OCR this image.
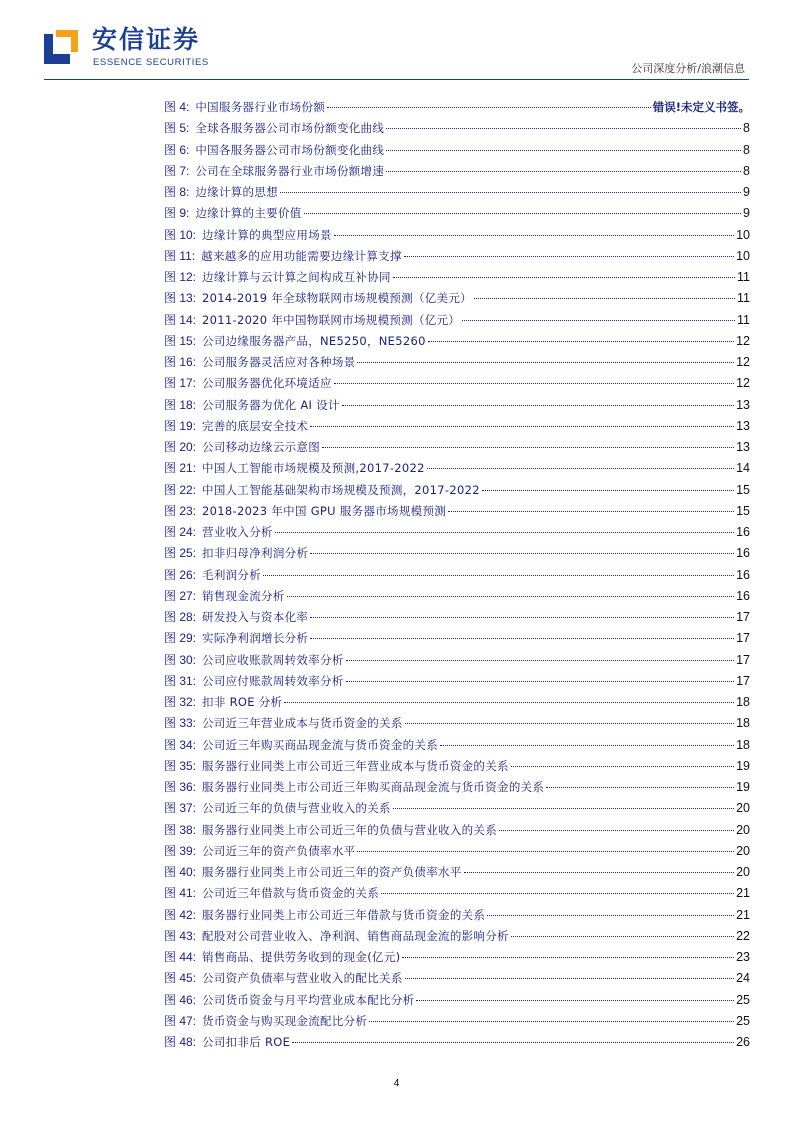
安信证券
ESSENCE SECURITIES	公司深度分析/浪潮信息
图 4: 中国服务器行业市场份额	错误!未定义书签。
图 5: 全球各服务器公司市场份额变化曲线	8
图 6: 中国各服务器公司市场份额变化曲线	8
图 7: 公司在全球服务器行业市场份额增速	8
图 8: 边缘计算的思想	9
图 9: 边缘计算的主要价值	9
图 10: 边缘计算的典型应用场景	10
图 11: 越来越多的应用功能需要边缘计算支撑	10
图 12: 边缘计算与云计算之间构成互补协同	11
图 13: 2014-2019 年全球物联网市场规模预测（亿美元）	11
图 14: 2011-2020 年中国物联网市场规模预测（亿元）	11
图 15: 公司边缘服务器产品，NE5250，NE5260	12
图 16: 公司服务器灵活应对各种场景	12
图 17: 公司服务器优化环境适应	12
图 18: 公司服务器为优化 AI 设计	13
图 19: 完善的底层安全技术	13
图 20: 公司移动边缘云示意图	13
图 21: 中国人工智能市场规模及预测,2017-2022	14
图 22: 中国人工智能基础架构市场规模及预测，2017-2022	15
图 23: 2018-2023 年中国 GPU 服务器市场规模预测	15
图 24: 营业收入分析	16
图 25: 扣非归母净利润分析	16
图 26: 毛利润分析	16
图 27: 销售现金流分析	16
图 28: 研发投入与资本化率	17
图 29: 实际净利润增长分析	17
图 30: 公司应收账款周转效率分析	17
图 31: 公司应付账款周转效率分析	17
图 32: 扣非 ROE 分析	18
图 33: 公司近三年营业成本与货币资金的关系	18
图 34: 公司近三年购买商品现金流与货币资金的关系	18
图 35: 服务器行业同类上市公司近三年营业成本与货币资金的关系	19
图 36: 服务器行业同类上市公司近三年购买商品现金流与货币资金的关系	19
图 37: 公司近三年的负债与营业收入的关系	20
图 38: 服务器行业同类上市公司近三年的负债与营业收入的关系	20
图 39: 公司近三年的资产负债率水平	20
图 40: 服务器行业同类上市公司近三年的资产负债率水平	20
图 41: 公司近三年借款与货币资金的关系	21
图 42: 服务器行业同类上市公司近三年借款与货币资金的关系	21
图 43: 配股对公司营业收入、净利润、销售商品现金流的影响分析	22
图 44: 销售商品、提供劳务收到的现金(亿元)	23
图 45: 公司资产负债率与营业收入的配比关系	24
图 46: 公司货币资金与月平均营业成本配比分析	25
图 47: 货币资金与购买现金流配比分析	25
图 48: 公司扣非后 ROE	26
4
